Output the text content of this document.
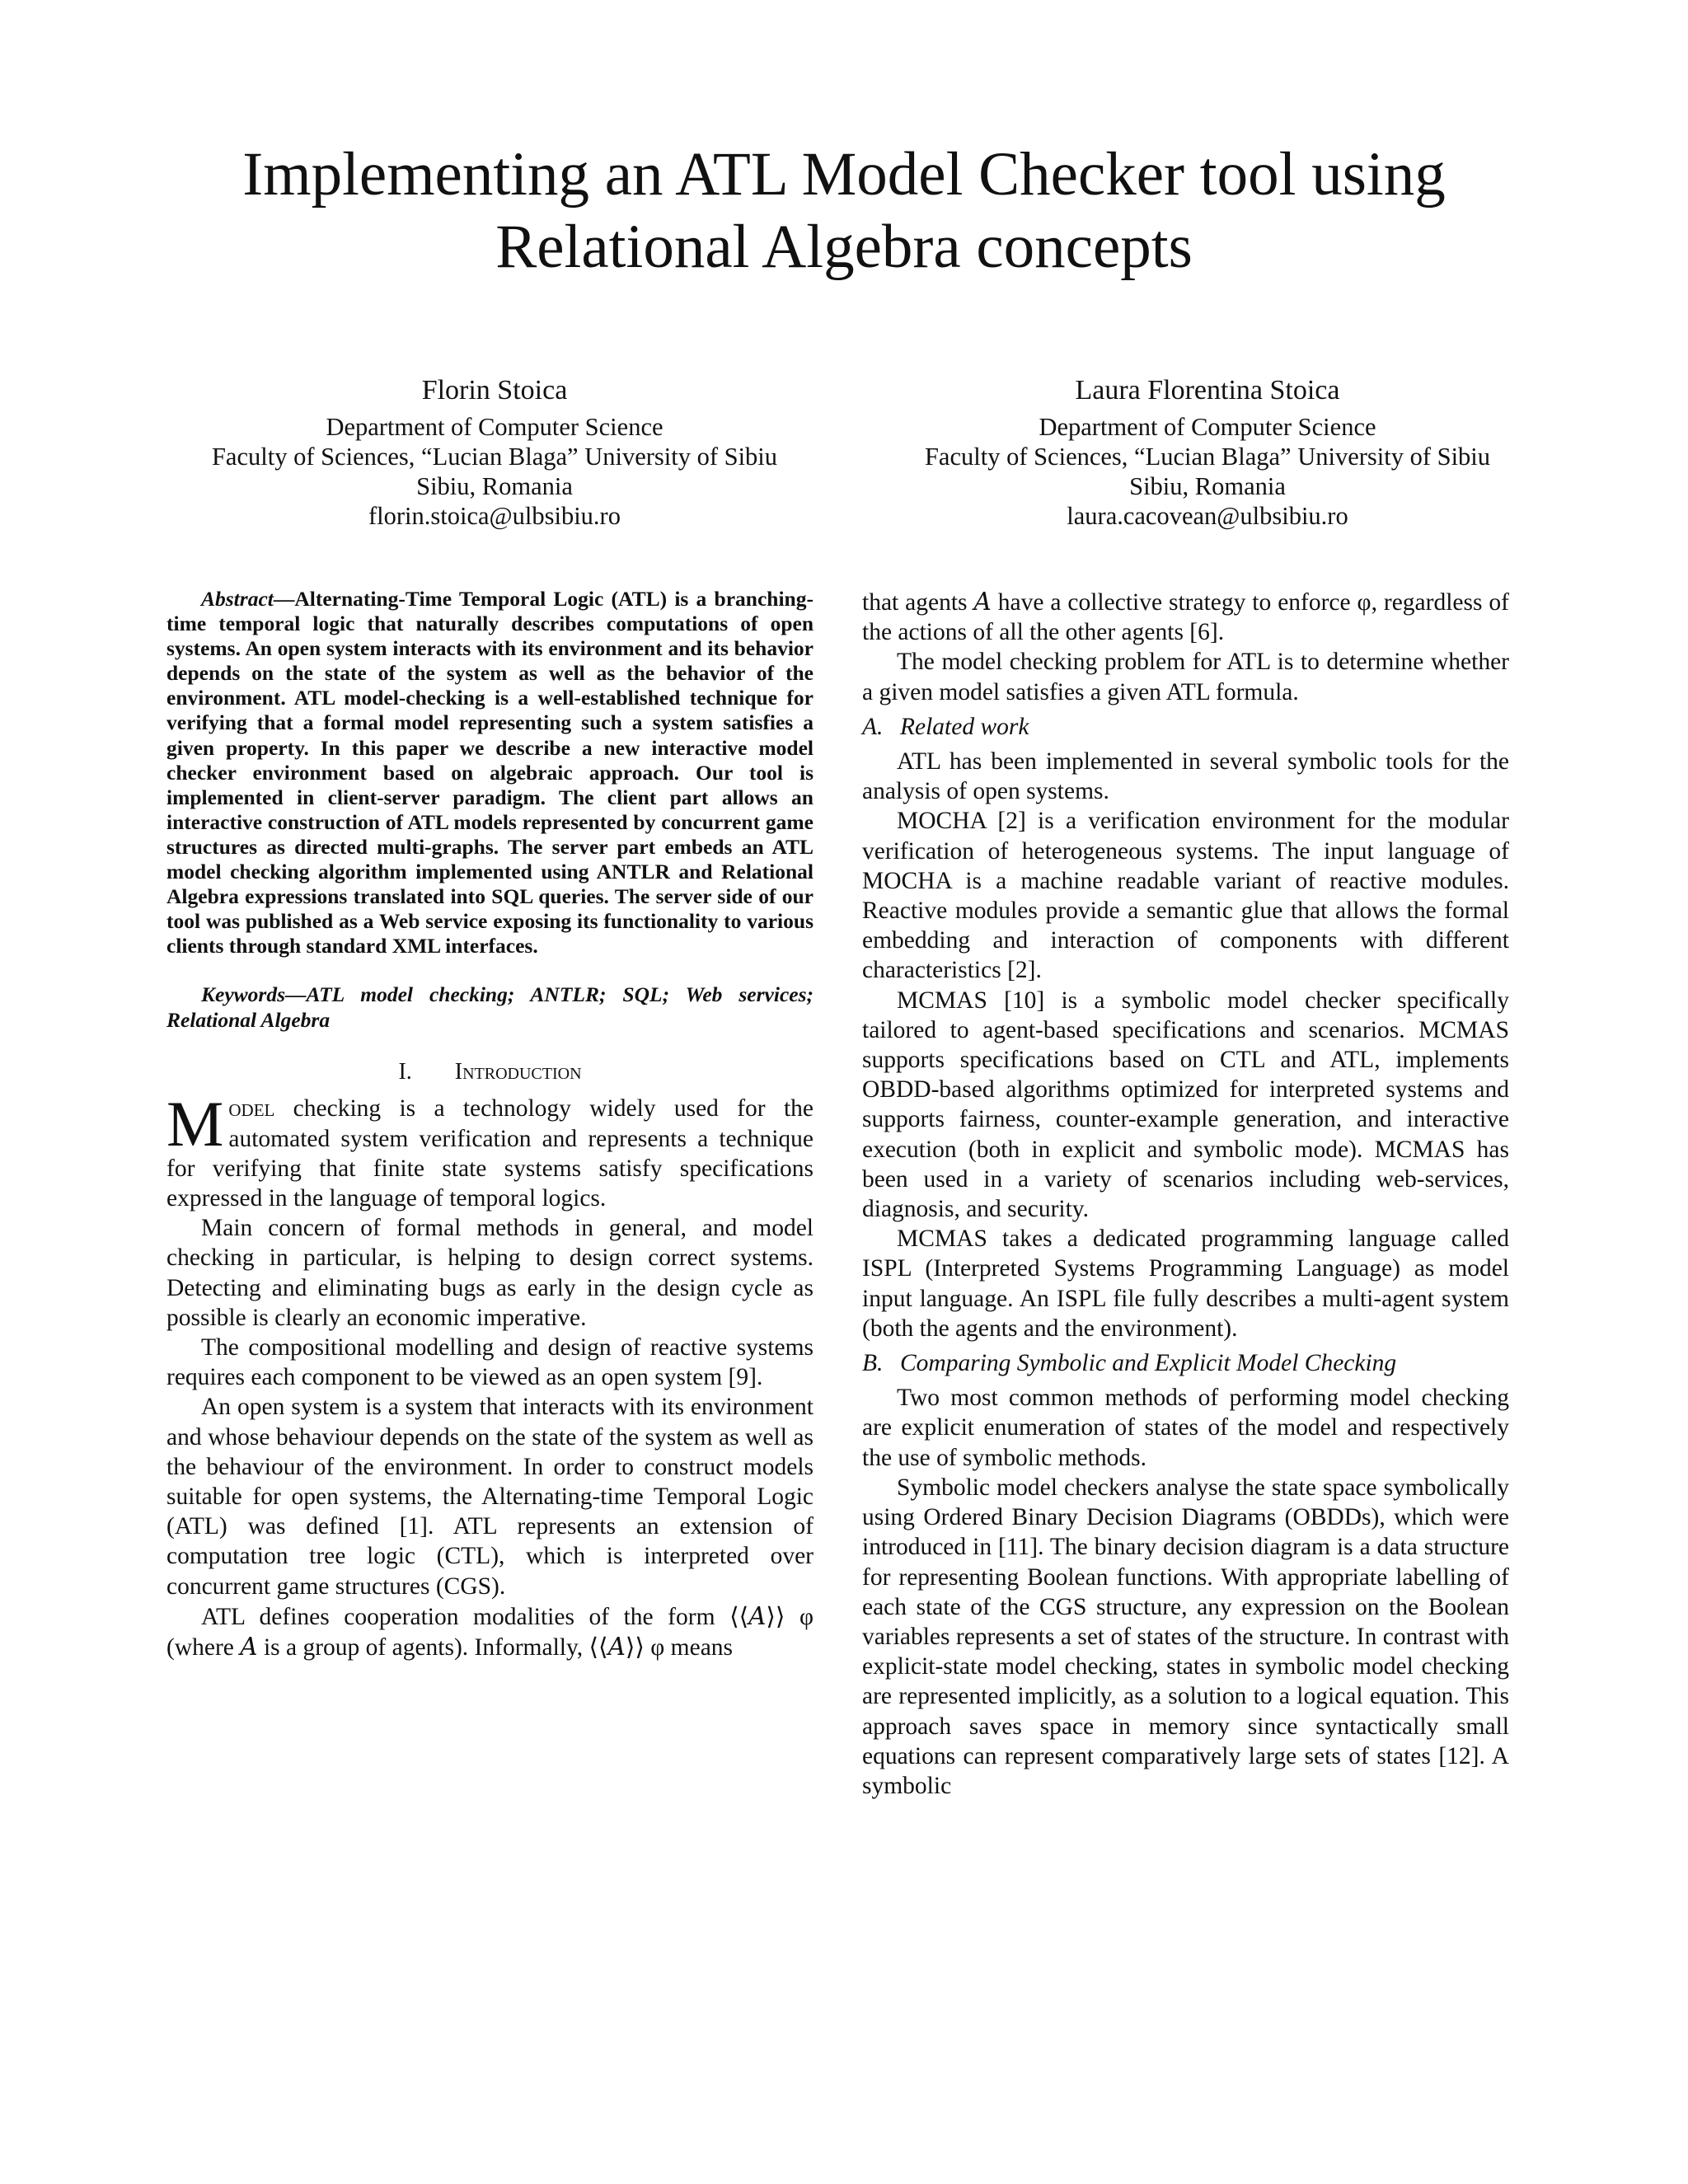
Implementing an ATL Model Checker tool using
Relational Algebra concepts
Florin Stoica
Department of Computer Science
Faculty of Sciences, “Lucian Blaga” University of Sibiu
Sibiu, Romania
florin.stoica@ulbsibiu.ro
Laura Florentina Stoica
Department of Computer Science
Faculty of Sciences, “Lucian Blaga” University of Sibiu
Sibiu, Romania
laura.cacovean@ulbsibiu.ro

Abstract—Alternating-Time Temporal Logic (ATL) is a branching-time temporal logic that naturally describes computations of open systems. An open system interacts with its environment and its behavior depends on the state of the system as well as the behavior of the environment. ATL model-checking is a well-established technique for verifying that a formal model representing such a system satisfies a given property. In this paper we describe a new interactive model checker environment based on algebraic approach. Our tool is implemented in client-server paradigm. The client part allows an interactive construction of ATL models represented by concurrent game structures as directed multi-graphs. The server part embeds an ATL model checking algorithm implemented using ANTLR and Relational Algebra expressions translated into SQL queries. The server side of our tool was published as a Web service exposing its functionality to various clients through standard XML interfaces.

Keywords—ATL model checking; ANTLR; SQL; Web services; Relational Algebra

I. Introduction

Model checking is a technology widely used for the automated system verification and represents a technique for verifying that finite state systems satisfy specifications expressed in the language of temporal logics.

Main concern of formal methods in general, and model checking in particular, is helping to design correct systems. Detecting and eliminating bugs as early in the design cycle as possible is clearly an economic imperative.

The compositional modelling and design of reactive systems requires each component to be viewed as an open system [9].

An open system is a system that interacts with its environment and whose behaviour depends on the state of the system as well as the behaviour of the environment. In order to construct models suitable for open systems, the Alternating-time Temporal Logic (ATL) was defined [1]. ATL represents an extension of computation tree logic (CTL), which is interpreted over concurrent game structures (CGS).

ATL defines cooperation modalities of the form ⟨⟨A⟩⟩ φ (where A is a group of agents). Informally, ⟨⟨A⟩⟩ φ means

that agents A have a collective strategy to enforce φ, regardless of the actions of all the other agents [6].

The model checking problem for ATL is to determine whether a given model satisfies a given ATL formula.

A. Related work

ATL has been implemented in several symbolic tools for the analysis of open systems.

MOCHA [2] is a verification environment for the modular verification of heterogeneous systems. The input language of MOCHA is a machine readable variant of reactive modules. Reactive modules provide a semantic glue that allows the formal embedding and interaction of components with different characteristics [2].

MCMAS [10] is a symbolic model checker specifically tailored to agent-based specifications and scenarios. MCMAS supports specifications based on CTL and ATL, implements OBDD-based algorithms optimized for interpreted systems and supports fairness, counter-example generation, and interactive execution (both in explicit and symbolic mode). MCMAS has been used in a variety of scenarios including web-services, diagnosis, and security.

MCMAS takes a dedicated programming language called ISPL (Interpreted Systems Programming Language) as model input language. An ISPL file fully describes a multi-agent system (both the agents and the environment).

B. Comparing Symbolic and Explicit Model Checking

Two most common methods of performing model checking are explicit enumeration of states of the model and respectively the use of symbolic methods.

Symbolic model checkers analyse the state space symbolically using Ordered Binary Decision Diagrams (OBDDs), which were introduced in [11]. The binary decision diagram is a data structure for representing Boolean functions. With appropriate labelling of each state of the CGS structure, any expression on the Boolean variables represents a set of states of the structure. In contrast with explicit-state model checking, states in symbolic model checking are represented implicitly, as a solution to a logical equation. This approach saves space in memory since syntactically small equations can represent comparatively large sets of states [12]. A symbolic
